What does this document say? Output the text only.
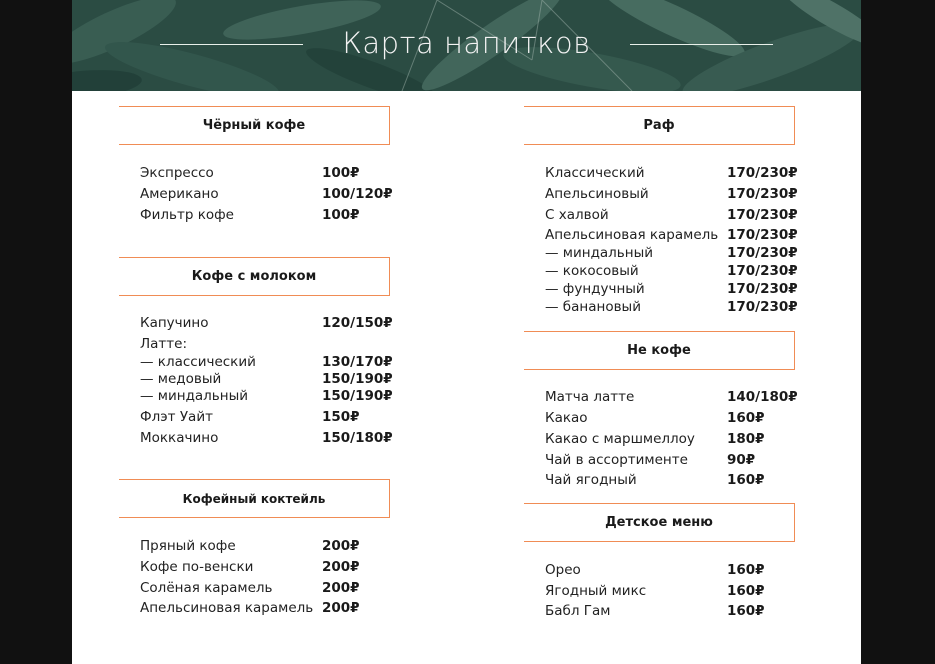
Карта напитков
Чёрный кофе
Экспрессо	100₽
Американо	100/120₽
Фильтр кофе	100₽
Кофе с молоком
Капучино	120/150₽
Латте:
— классический	130/170₽
— медовый	150/190₽
— миндальный	150/190₽
Флэт Уайт	150₽
Моккачино	150/180₽
Кофейный коктейль
Пряный кофе	200₽
Кофе по-венски	200₽
Солёная карамель	200₽
Апельсиновая карамель 200₽
Раф
Классический	170/230₽
Апельсиновый	170/230₽
С халвой	170/230₽
Апельсиновая карамель 170/230₽
— миндальный	170/230₽
— кокосовый	170/230₽
— фундучный	170/230₽
— банановый	170/230₽
Не кофе
Матча латте	140/180₽
Какао	160₽
Какао с маршмеллоу 180₽
Чай в ассортименте	90₽
Чай ягодный	160₽
Детское меню
Орео	160₽
Ягодный микс	160₽
Бабл Гам	160₽
